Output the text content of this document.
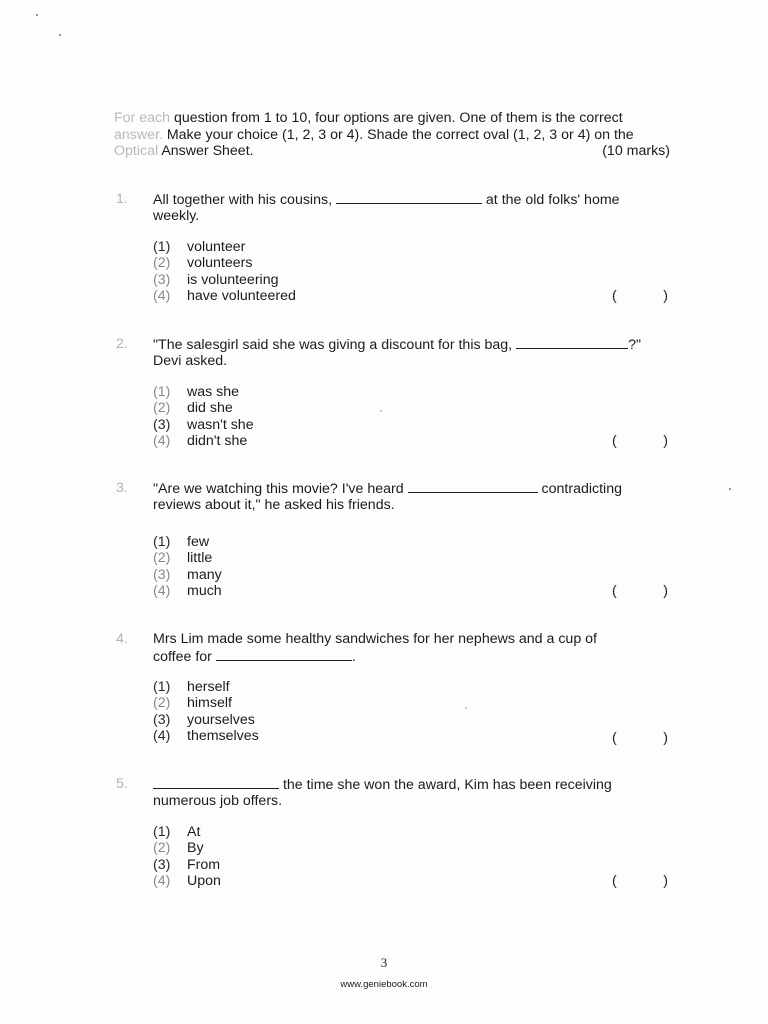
For each question from 1 to 10, four options are given. One of them is the correct
answer. Make your choice (1, 2, 3 or 4). Shade the correct oval (1, 2, 3 or 4) on the
Optical Answer Sheet.	(10 marks)
1. All together with his cousins,	at the old folks' home
weekly.
(1) volunteer
(2) volunteers
(3) is volunteering
(4) have volunteered	(	)
2. "The salesgirl said she was giving a discount for this bag,	?"
Devi asked.
(1) was she
(2) did she
(3) wasn't she
(4) didn't she	(	)
3. "Are we watching this movie? I've heard	contradicting
reviews about it," he asked his friends.
(1) few
(2) little
(3) many
(4) much	(	)
4. Mrs Lim made some healthy sandwiches for her nephews and a cup of
coffee for	.
(1) herself
(2) himself
(3) yourselves
(4) themselves	(	)
5.	the time she won the award, Kim has been receiving
numerous job offers.
(1) At
(2) By
(3) From
(4) Upon	(	)
3
www.geniebook.com
